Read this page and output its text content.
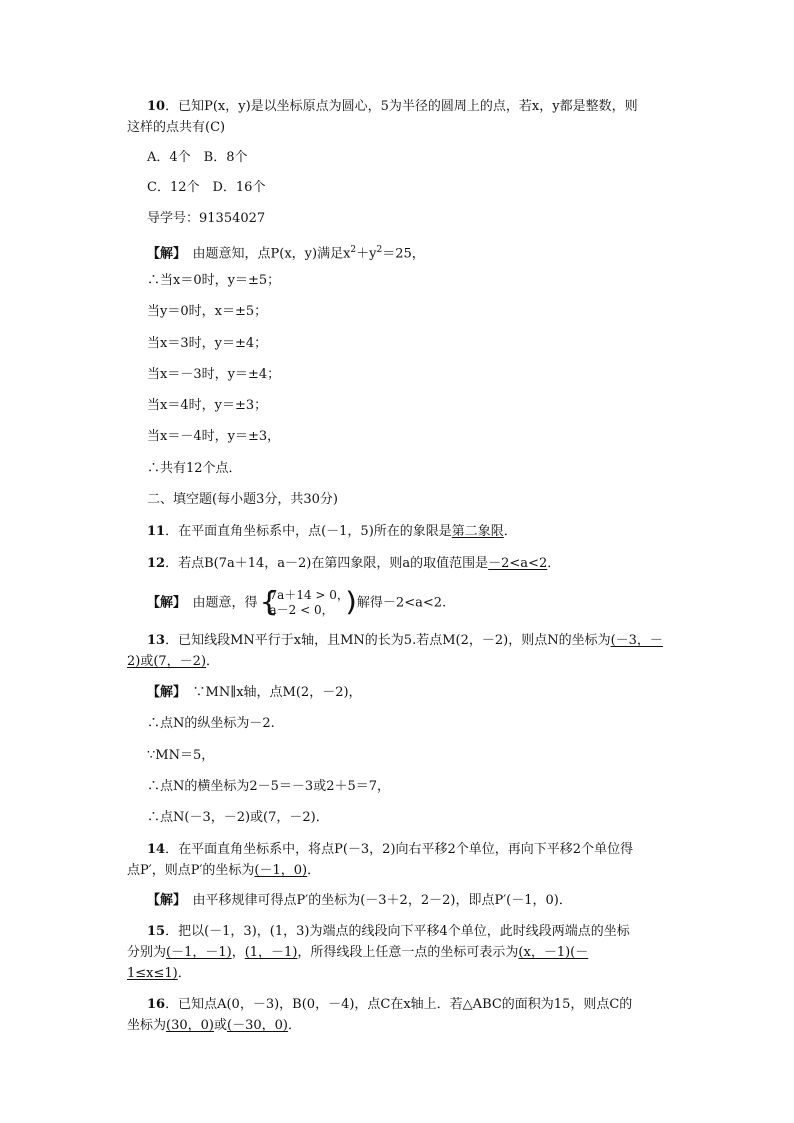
10．已知P(x，y)是以坐标原点为圆心，5为半径的圆周上的点，若x，y都是整数，则
这样的点共有(C)
A．4个　B．8个
C．12个　D．16个
导学号：91354027
【解】　由题意知，点P(x，y)满足$x^2+y^2=25$，
∴当x＝0时，y＝±5；
当y＝0时，x＝±5；
当x＝3时，y＝±4；
当x＝－3时，y＝±4；
当x＝4时，y＝±3；
当x＝－4时，y＝±3，
∴共有12个点．
二、填空题(每小题3分，共30分)
11．在平面直角坐标系中，点(－1，5)所在的象限是第二象限．
12．若点B(7a＋14，a－2)在第四象限，则a的取值范围是－2<a<2．
【解】　由题意，得 {
7a＋14 > 0，
a－2 < 0， ) 解得－2<a<2.
13．已知线段MN平行于x轴，且MN的长为5.若点M(2，－2)，则点N的坐标为(－3，－
2)或(7，－2)．
【解】　∵MN∥x轴，点M(2，－2)，
∴点N的纵坐标为－2.
∵MN＝5，
∴点N的横坐标为2－5＝－3或2＋5＝7，
∴点N(－3，－2)或(7，－2)．
14．在平面直角坐标系中，将点P(－3，2)向右平移2个单位，再向下平移2个单位得
点P′，则点P′的坐标为(－1，0)．
【解】　由平移规律可得点P′的坐标为(－3＋2，2－2)，即点P′(－1，0)．
15．把以(－1，3)，(1，3)为端点的线段向下平移4个单位，此时线段两端点的坐标
分别为(－1，－1)，(1，－1)，所得线段上任意一点的坐标可表示为(x，－1)(－
1≤x≤1)．
16．已知点A(0，－3)，B(0，－4)，点C在x轴上．若△ABC的面积为15，则点C的
坐标为(30，0)或(－30，0)．
